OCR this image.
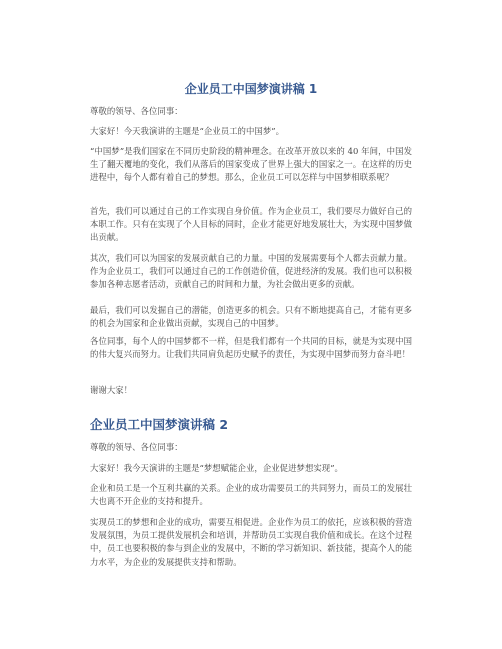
企业员工中国梦演讲稿 1

尊敬的领导、各位同事：

大家好！今天我演讲的主题是“企业员工的中国梦”。

“中国梦”是我们国家在不同历史阶段的精神理念。在改革开放以来的 40 年间，中国发生了翻天覆地的变化，我们从落后的国家变成了世界上强大的国家之一。在这样的历史进程中，每个人都有着自己的梦想。那么，企业员工可以怎样与中国梦相联系呢？

首先，我们可以通过自己的工作实现自身价值。作为企业员工，我们要尽力做好自己的本职工作。只有在实现了个人目标的同时，企业才能更好地发展壮大，为实现中国梦做出贡献。

其次，我们可以为国家的发展贡献自己的力量。中国的发展需要每个人都去贡献力量。作为企业员工，我们可以通过自己的工作创造价值，促进经济的发展。我们也可以积极参加各种志愿者活动，贡献自己的时间和力量，为社会做出更多的贡献。

最后，我们可以发掘自己的潜能，创造更多的机会。只有不断地提高自己，才能有更多的机会为国家和企业做出贡献，实现自己的中国梦。

各位同事，每个人的中国梦都不一样，但是我们都有一个共同的目标，就是为实现中国的伟大复兴而努力。让我们共同肩负起历史赋予的责任，为实现中国梦而努力奋斗吧！

谢谢大家！

企业员工中国梦演讲稿 2

尊敬的领导、各位同事：

大家好！我今天演讲的主题是“梦想赋能企业，企业促进梦想实现”。

企业和员工是一个互利共赢的关系。企业的成功需要员工的共同努力，而员工的发展壮大也离不开企业的支持和提升。

实现员工的梦想和企业的成功，需要互相促进。企业作为员工的依托，应该积极的营造发展氛围，为员工提供发展机会和培训，并帮助员工实现自我价值和成长。在这个过程中，员工也要积极的参与到企业的发展中，不断的学习新知识、新技能，提高个人的能力水平，为企业的发展提供支持和帮助。
